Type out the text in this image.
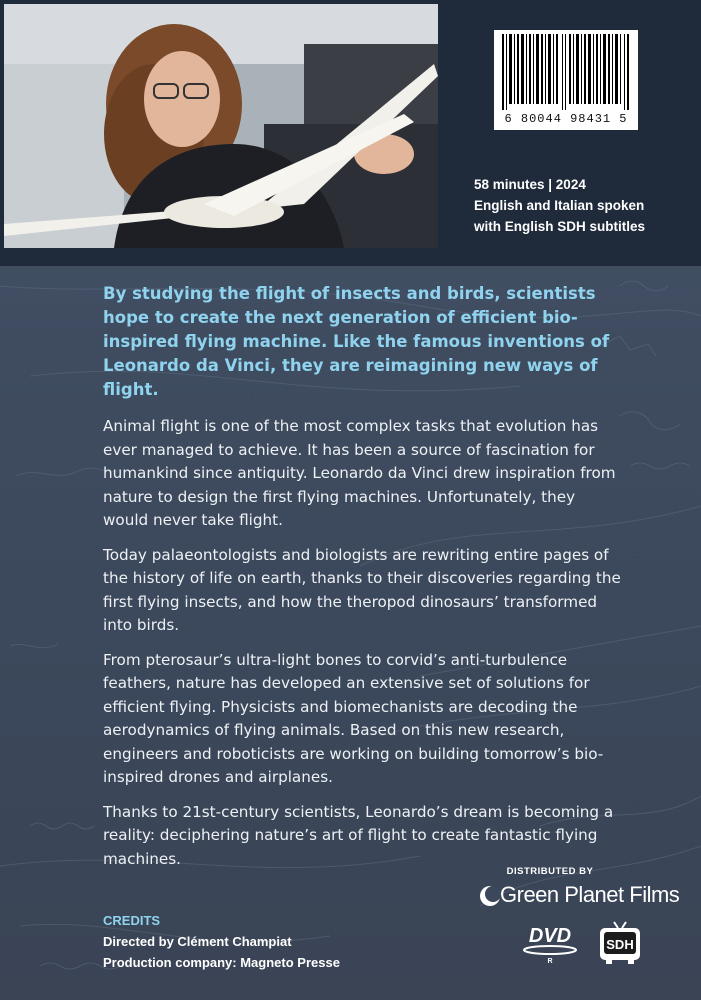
6 80044 98431 5
58 minutes | 2024
English and Italian spoken
with English SDH subtitles

By studying the flight of insects and birds, scientists hope to create the next generation of efficient bio-inspired flying machine. Like the famous inventions of Leonardo da Vinci, they are reimagining new ways of flight.

Animal flight is one of the most complex tasks that evolution has ever managed to achieve. It has been a source of fascination for humankind since antiquity. Leonardo da Vinci drew inspiration from nature to design the first flying machines. Unfortunately, they would never take flight.

Today palaeontologists and biologists are rewriting entire pages of the history of life on earth, thanks to their discoveries regarding the first flying insects, and how the theropod dinosaurs’ transformed into birds.

From pterosaur’s ultra-light bones to corvid’s anti-turbulence feathers, nature has developed an extensive set of solutions for efficient flying. Physicists and biomechanists are decoding the aerodynamics of flying animals. Based on this new research, engineers and roboticists are working on building tomorrow’s bio-inspired drones and airplanes.

Thanks to 21st-century scientists, Leonardo’s dream is becoming a reality: deciphering nature’s art of flight to create fantastic flying machines.

CREDITS
Directed by Clément Champiat
Production company: Magneto Presse
DISTRIBUTED BY
Green Planet Films
DVD
R
SDH
